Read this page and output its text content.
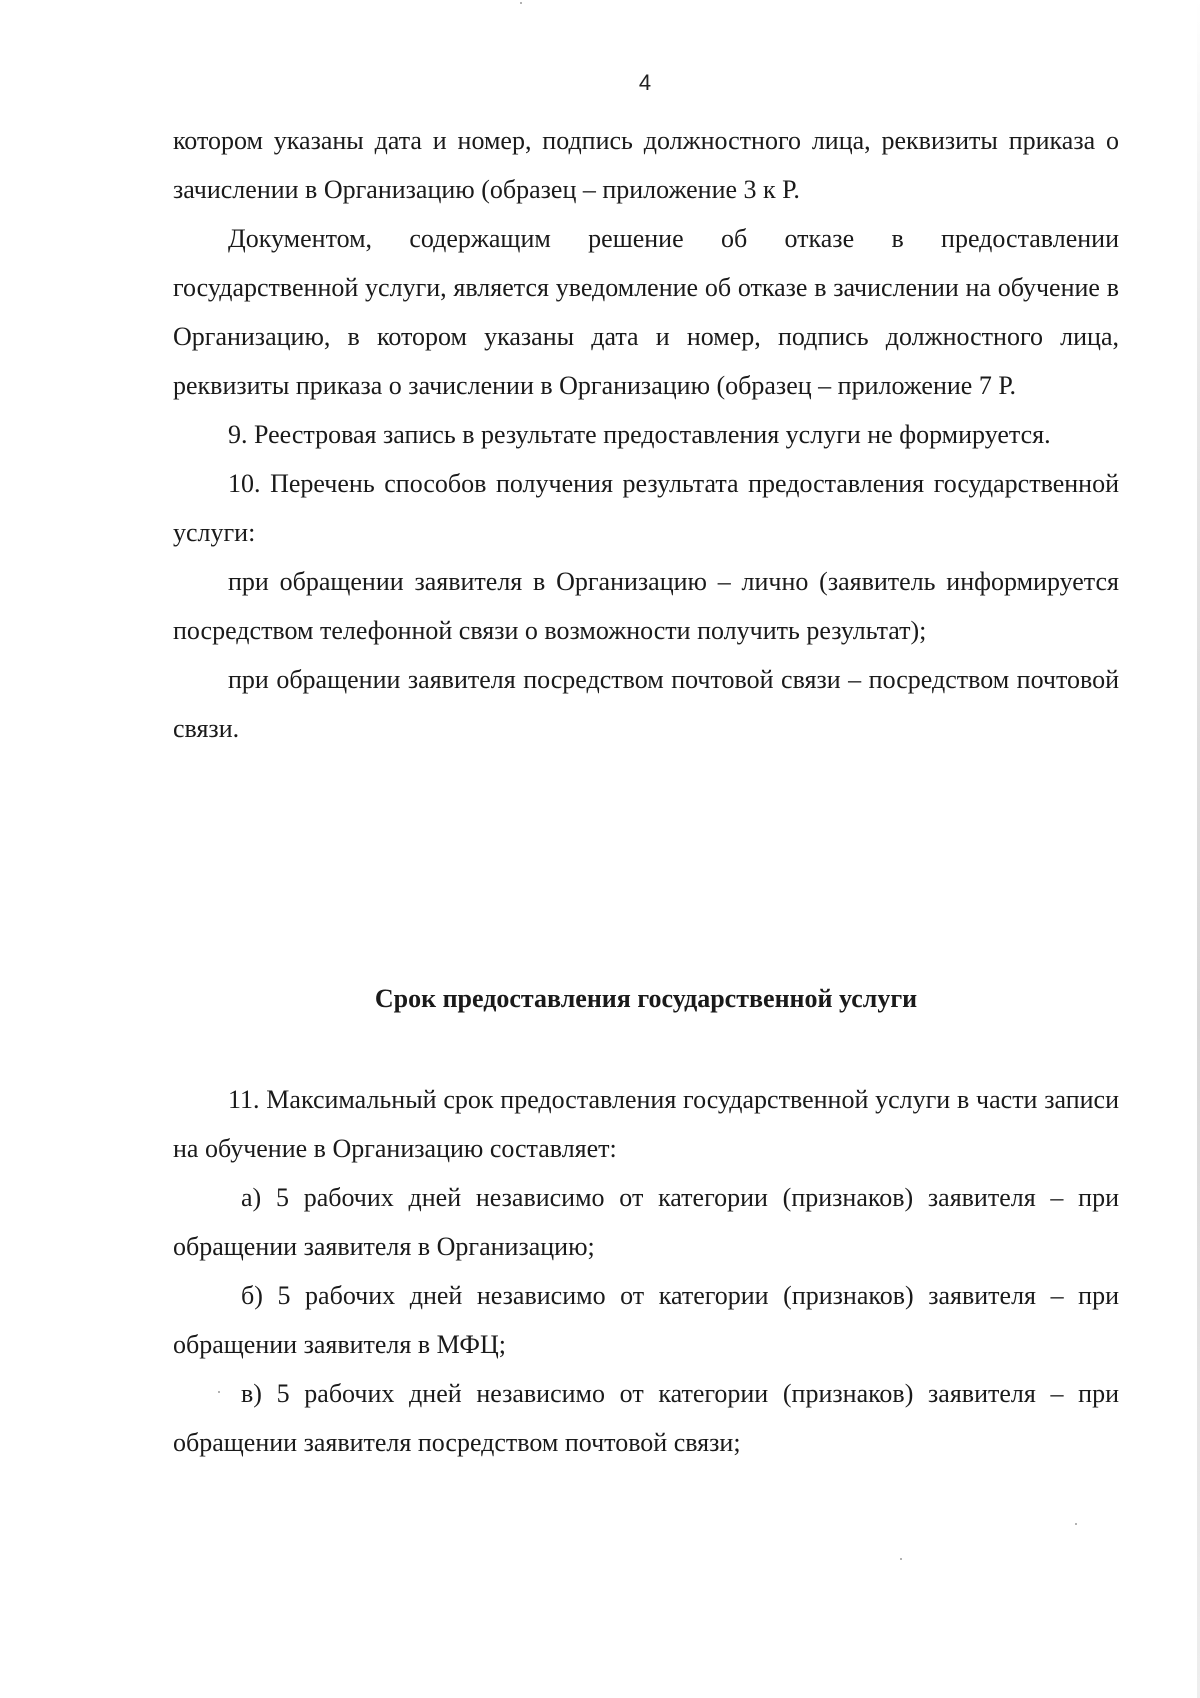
4

котором указаны дата и номер, подпись должностного лица, реквизиты приказа о зачислении в Организацию (образец – приложение 3 к Р.

Документом, содержащим решение об отказе в предоставлении государственной услуги, является уведомление об отказе в зачислении на обучение в Организацию, в котором указаны дата и номер, подпись должностного лица, реквизиты приказа о зачислении в Организацию (образец – приложение 7 Р.

9. Реестровая запись в результате предоставления услуги не формируется.

10. Перечень способов получения результата предоставления государственной услуги:

при обращении заявителя в Организацию – лично (заявитель информируется посредством телефонной связи о возможности получить результат);

при обращении заявителя посредством почтовой связи – посредством почтовой связи.

Срок предоставления государственной услуги

11. Максимальный срок предоставления государственной услуги в части записи на обучение в Организацию составляет:

а) 5 рабочих дней независимо от категории (признаков) заявителя – при обращении заявителя в Организацию;

б) 5 рабочих дней независимо от категории (признаков) заявителя – при обращении заявителя в МФЦ;

в) 5 рабочих дней независимо от категории (признаков) заявителя – при обращении заявителя посредством почтовой связи;
